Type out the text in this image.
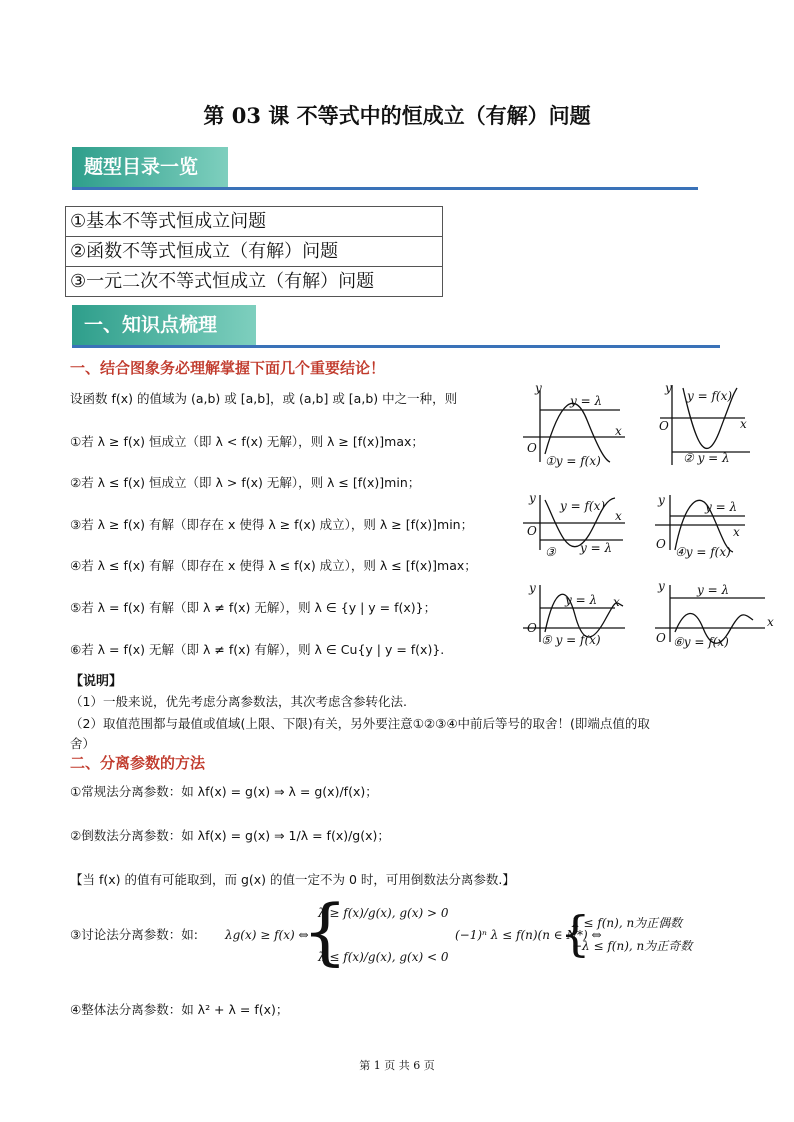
第 03 课 不等式中的恒成立（有解）问题
题型目录一览
①基本不等式恒成立问题
②函数不等式恒成立（有解）问题
③一元二次不等式恒成立（有解）问题
一、知识点梳理
一、结合图象务必理解掌握下面几个重要结论！
设函数 f(x) 的值域为 (a,b) 或 [a,b]，或 (a,b] 或 [a,b) 中之一种，则
①若 λ ≥ f(x) 恒成立（即 λ < f(x) 无解），则 λ ≥ [f(x)]max；
②若 λ ≤ f(x) 恒成立（即 λ > f(x) 无解），则 λ ≤ [f(x)]min；
③若 λ ≥ f(x) 有解（即存在 x 使得 λ ≥ f(x) 成立），则 λ ≥ [f(x)]min；
④若 λ ≤ f(x) 有解（即存在 x 使得 λ ≤ f(x) 成立），则 λ ≤ [f(x)]max；
⑤若 λ = f(x) 有解（即 λ ≠ f(x) 无解），则 λ ∈ {y | y = f(x)}；
⑥若 λ = f(x) 无解（即 λ ≠ f(x) 有解），则 λ ∈ Cu{y | y = f(x)}.
y
x
O
y = λ
①y = f(x)
y
x
O
y = f(x)
② y = λ
y
x
O
y = f(x)
y = λ
③
y
x
O
y = λ
④y = f(x)
y
x
O
y = λ
⑤ y = f(x)
y
x
O
y = λ
⑥y = f(x)
【说明】
（1）一般来说，优先考虑分离参数法，其次考虑含参转化法.
（2）取值范围都与最值或值域(上限、下限)有关，另外要注意①②③④中前后等号的取舍！(即端点值的取
舍）
二、分离参数的方法
①常规法分离参数：如 λf(x) = g(x) ⇒ λ = g(x)/f(x)；
②倒数法分离参数：如 λf(x) = g(x) ⇒ 1/λ = f(x)/g(x)；
【当 f(x) 的值有可能取到，而 g(x) 的值一定不为 0 时，可用倒数法分离参数.】
③讨论法分离参数：如: λg(x) ≥ f(x) ⇔
{
λ ≥ f(x)/g(x), g(x) > 0
λ ≤ f(x)/g(x), g(x) < 0
(−1)ⁿ λ ≤ f(n)(n ∈ N*) ⇔
{
λ ≤ f(n), n为正偶数
−λ ≤ f(n), n为正奇数
④整体法分离参数：如 λ² + λ = f(x)；
第 1 页 共 6 页
